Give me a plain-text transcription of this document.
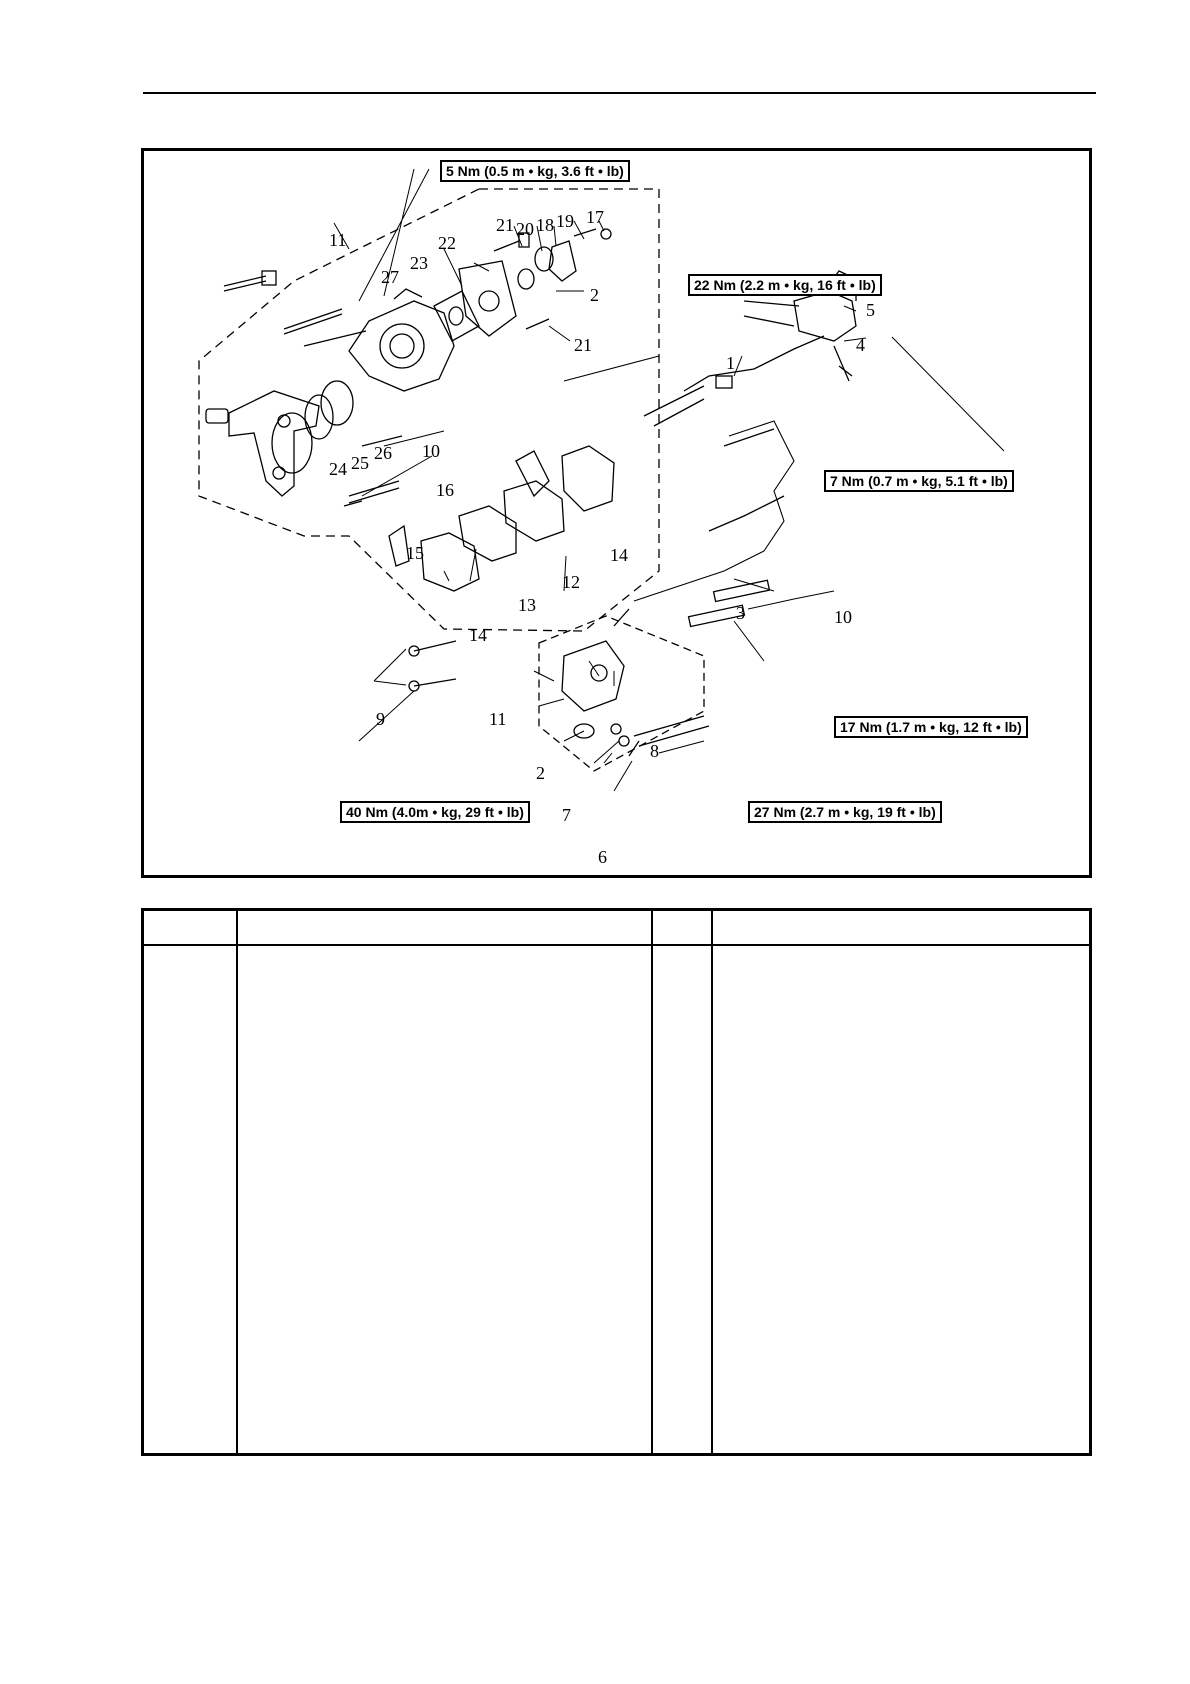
11
27
23
22
21 20 18 19 17
2
21
24 25 26 10
16
15	14
12
13
14
5
4
1
3	10
9	11
2
8
7
6
5 Nm (0.5 m • kg, 3.6 ft • lb)
22 Nm (2.2 m • kg, 16 ft • lb)
7 Nm (0.7 m • kg, 5.1 ft • lb)
17 Nm (1.7 m • kg, 12 ft • lb)
40 Nm (4.0m • kg, 29 ft • lb)	27 Nm (2.7 m • kg, 19 ft • lb)
